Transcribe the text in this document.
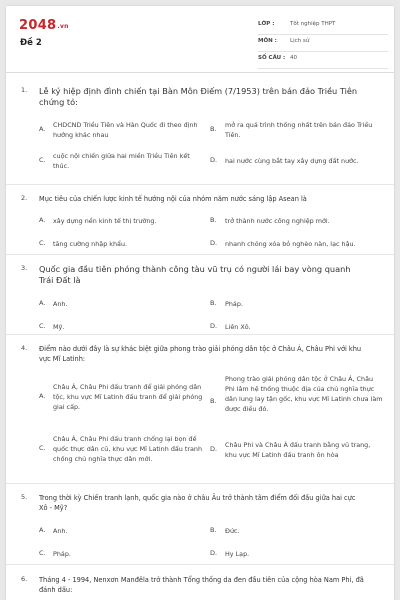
2048.vn
Đề 2
LỚP :	Tốt nghiệp THPT
MÔN : Lịch sử
SỐ CÂU : 40
1. Lễ ký hiệp định đình chiến tại Bàn Môn Điếm (7/1953) trên bán đảo Triều Tiên chứng tỏ:
A. CHDCND Triều Tiên và Hàn Quốc đi theo định hướng khác nhau
B. mở ra quá trình thống nhất trên bán đảo Triều Tiên.
C. cuộc nội chiến giữa hai miền Triều Tiên kết thúc.
D. hai nước cùng bắt tay xây dựng đất nước.
2. Mục tiêu của chiến lược kinh tế hướng nội của nhóm năm nước sáng lập Asean là
A. xây dựng nền kinh tế thị trường.	B. trở thành nước công nghiệp mới.
C. tăng cường nhập khẩu.	D. nhanh chóng xóa bỏ nghèo nàn, lạc hậu.
3. Quốc gia đầu tiên phóng thành công tàu vũ trụ có người lái bay vòng quanh Trái Đất là
A. Anh.	B. Pháp.
C. Mỹ.	D. Liên Xô.
4. Điểm nào dưới đây là sự khác biệt giữa phong trào giải phóng dân tộc ở Châu Á, Châu Phi với khu vực Mĩ Latinh:
A.
Châu Á, Châu Phi đấu tranh để giải phóng dân tộc, khu vực Mĩ Latinh đấu tranh để giải phóng giai cấp.
B.
Phong trào giải phóng dân tộc ở Châu Á, Châu Phi lâm hệ thống thuộc địa của chủ nghĩa thực dân lung lay tận gốc, khu vực Mĩ Latinh chưa làm được điều đó.
C.
Châu Á, Châu Phi đấu tranh chống lại bọn đế quốc thực dân cũ, khu vực Mĩ Latinh đấu tranh chống chủ nghĩa thực dân mới.
D. Châu Phi và Châu Á đấu tranh bằng vũ trang, khu vực Mĩ Latinh đấu tranh ôn hòa
5. Trong thời kỳ Chiến tranh lạnh, quốc gia nào ở châu Âu trở thành tâm điểm đối đầu giữa hai cực Xô - Mỹ?
A. Anh.	B. Đức.
C. Pháp.	D. Hy Lạp.
6. Tháng 4 - 1994, Nenxơn Manđêla trở thành Tổng thống da đen đầu tiên của cộng hòa Nam Phi, đã đánh dấu:
